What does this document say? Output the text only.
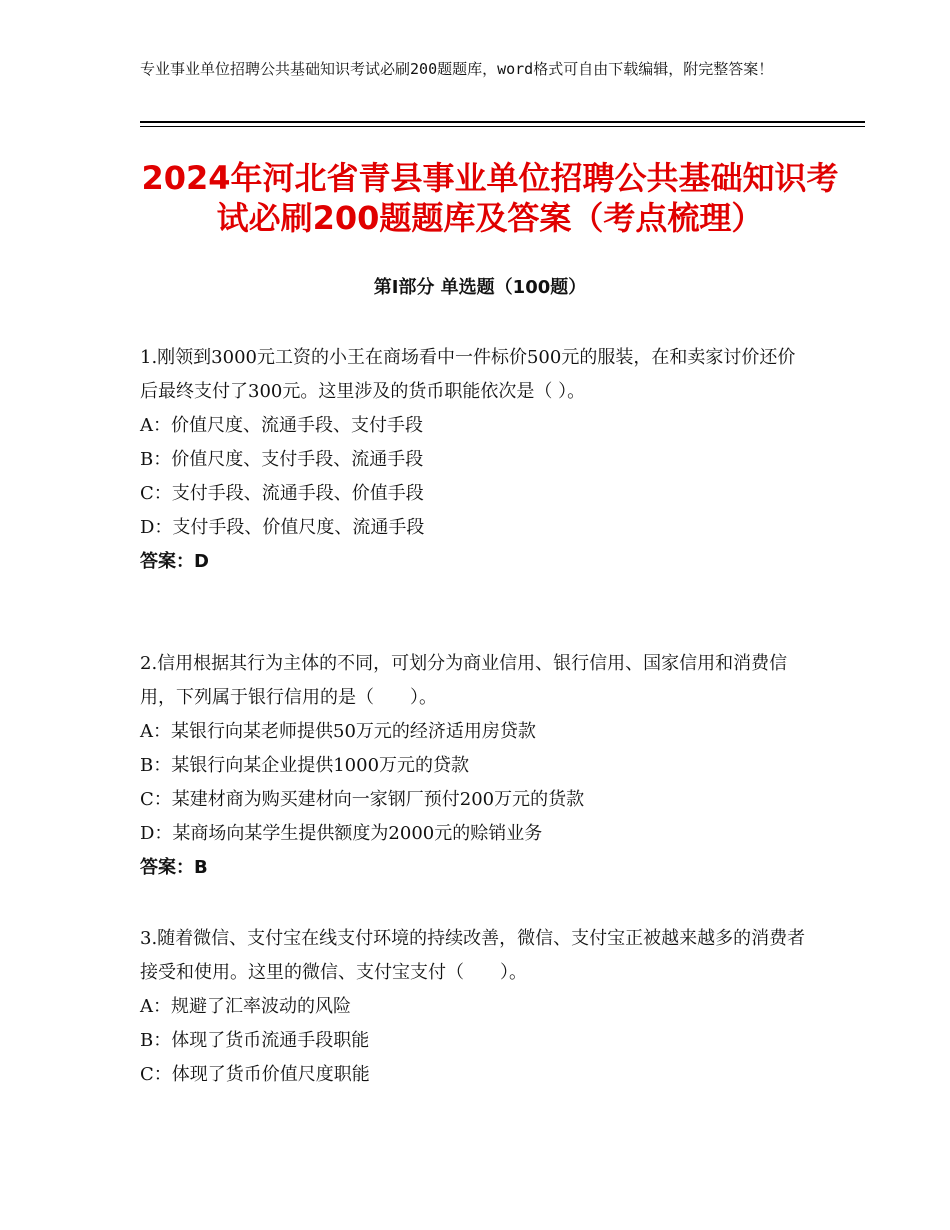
专业事业单位招聘公共基础知识考试必刷200题题库，word格式可自由下载编辑，附完整答案！
2024年河北省青县事业单位招聘公共基础知识考试必刷200题题库及答案（考点梳理）
第Ⅰ部分 单选题（100题）

1.刚领到3000元工资的小王在商场看中一件标价500元的服装，在和卖家讨价还价后最终支付了300元。这里涉及的货币职能依次是（ ）。

A：价值尺度、流通手段、支付手段

B：价值尺度、支付手段、流通手段

C：支付手段、流通手段、价值手段

D：支付手段、价值尺度、流通手段

答案：D

2.信用根据其行为主体的不同，可划分为商业信用、银行信用、国家信用和消费信用，下列属于银行信用的是（　　）。

A：某银行向某老师提供50万元的经济适用房贷款

B：某银行向某企业提供1000万元的贷款

C：某建材商为购买建材向一家钢厂预付200万元的货款

D：某商场向某学生提供额度为2000元的赊销业务

答案：B

3.随着微信、支付宝在线支付环境的持续改善，微信、支付宝正被越来越多的消费者接受和使用。这里的微信、支付宝支付（　　）。

A：规避了汇率波动的风险

B：体现了货币流通手段职能

C：体现了货币价值尺度职能
